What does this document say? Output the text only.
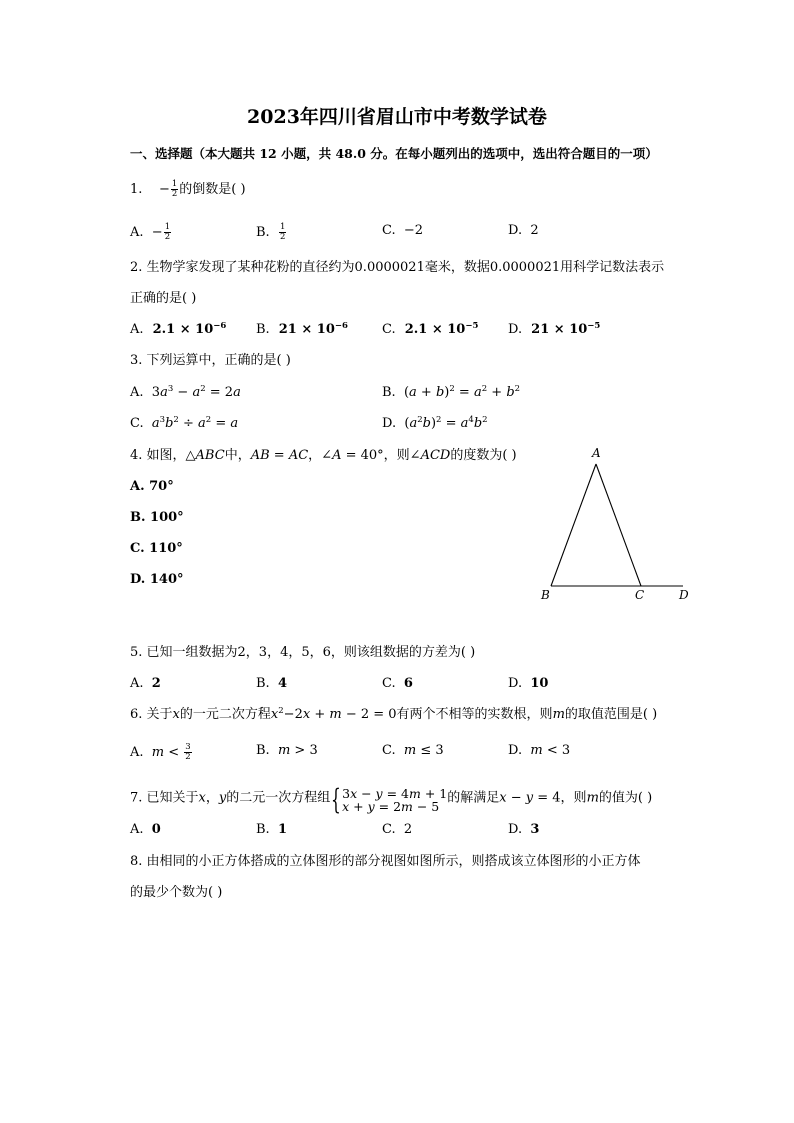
2023年四川省眉山市中考数学试卷
一、选择题（本大题共 12 小题，共 48.0 分。在每小题列出的选项中，选出符合题目的一项）
1. − $\frac{1}{2}$ 的倒数是( )
A. − $\frac{1}{2}$	B. $\frac{1}{2}$	C. −2	D. 2
2. 生物学家发现了某种花粉的直径约为0.0000021毫米，数据0.0000021用科学记数法表示
正确的是( )
A. $2.1 \times 10^{-6}$ B. $21 \times 10^{-6}$	C. $2.1 \times 10^{-5}$ D. $21 \times 10^{-5}$
3. 下列运算中，正确的是( )
A.  $3a^3 - a^2 = 2a$	B.  $(a + b)^2 = a^2 + b^2$
C. $a^3b^2 \div a^2 = a$	D.  $(a^2b)^2 = a^4b^2$
4. 如图，△ABC中，AB = AC，∠A = 40°，则∠ACD的度数为( )
A. 70°
B. 100°
C. 110°
D. 140°
A
B	C	D
5. 已知一组数据为2，3，4，5，6，则该组数据的方差为( )
A. 2	B. 4	C. 6	D. 10
6. 关于x的一元二次方程$x^2-2x + m - 2 = 0$有两个不相等的实数根，则m的取值范围是( )
A. $m < \frac{3}{2}$	B. m > 3	C. m ≤ 3	D. m < 3
7. 已知关于x，y的二元一次方程组{ 3x − y = 4m + 1
x + y = 2m − 5
的解满足x − y = 4，则m的值为( )
A. 0	B. 1	C. 2	D. 3
8. 由相同的小正方体搭成的立体图形的部分视图如图所示，则搭成该立体图形的小正方体
的最少个数为( )
